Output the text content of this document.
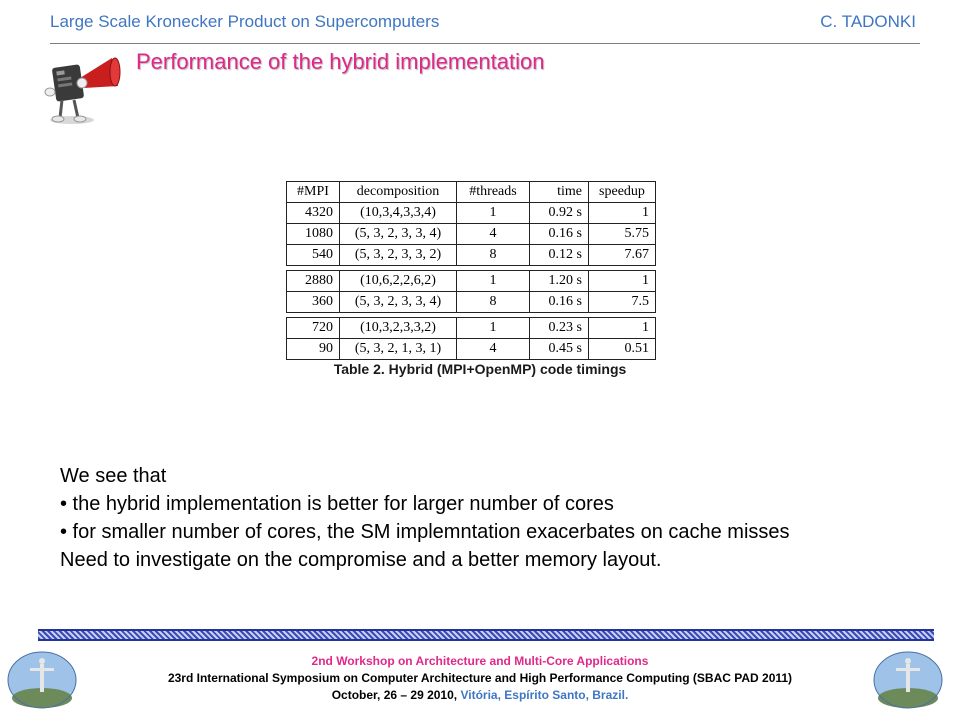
Large Scale Kronecker Product on Supercomputers	C. TADONKI
Performance of the hybrid implementation
#MPI	decomposition	#threads	time	speedup
4320	(10,3,4,3,3,4)	1	0.92 s	1
1080	(5, 3, 2, 3, 3, 4)	4	0.16 s	5.75
540	(5, 3, 2, 3, 3, 2)	8	0.12 s	7.67

2880	(10,6,2,2,6,2)	1	1.20 s	1
360	(5, 3, 2, 3, 3, 4)	8	0.16 s	7.5

720	(10,3,2,3,3,2)	1	0.23 s	1
90	(5, 3, 2, 1, 3, 1)	4	0.45 s	0.51
Table 2. Hybrid (MPI+OpenMP) code timings
We see that
• the hybrid implementation is better for larger number of cores
• for smaller number of cores, the SM implemntation exacerbates on cache misses
Need to investigate on the compromise and a better memory layout.
2nd Workshop on Architecture and Multi-Core Applications
23rd International Symposium on Computer Architecture and High Performance Computing (SBAC PAD 2011)
October, 26 – 29 2010, Vitória, Espírito Santo, Brazil.
